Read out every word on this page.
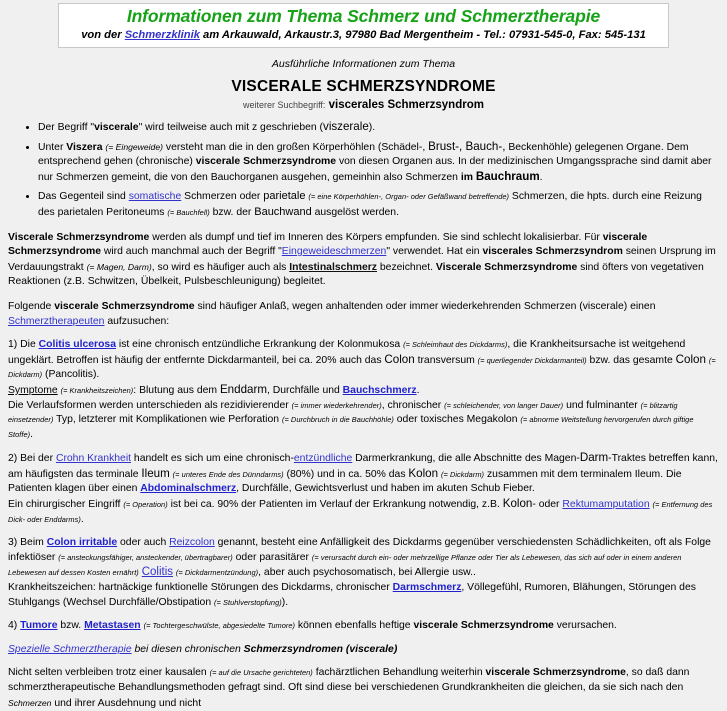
Informationen zum Thema Schmerz und Schmerztherapie
von der Schmerzklinik am Arkauwald, Arkaustr.3, 97980 Bad Mergentheim - Tel.: 07931-545-0, Fax: 545-131
Ausführliche Informationen zum Thema
VISCERALE SCHMERZSYNDROME
weiterer Suchbegriff: viscerales Schmerzsyndrom
• Der Begriff "viscerale" wird teilweise auch mit z geschrieben (viszerale).
• Unter Viszera (= Eingeweide) versteht man die in den großen Körperhöhlen (Schädel-, Brust-, Bauch-, Beckenhöhle) gelegenen Organe. Dem entsprechend gehen (chronische) viscerale Schmerzsyndrome von diesen Organen aus. In der medizinischen Umgangssprache sind damit aber nur Schmerzen gemeint, die von den Bauchorganen ausgehen, gemeinhin also Schmerzen im Bauchraum.
• Das Gegenteil sind somatische Schmerzen oder parietale (= eine Körperhöhlen-, Organ- oder Gefäßwand betreffende) Schmerzen, die hpts. durch eine Reizung des parietalen Peritoneums (= Bauchfell) bzw. der Bauchwand ausgelöst werden.

Viscerale Schmerzsyndrome werden als dumpf und tief im Inneren des Körpers empfunden. Sie sind schlecht lokalisierbar. Für viscerale Schmerzsyndrome wird auch manchmal auch der Begriff "Eingeweideschmerzen" verwendet. Hat ein viscerales Schmerzsyndrom seinen Ursprung im Verdauungstrakt (= Magen, Darm), so wird es häufiger auch als Intestinalschmerz bezeichnet. Viscerale Schmerzsyndrome sind öfters von vegetativen Reaktionen (z.B. Schwitzen, Übelkeit, Pulsbeschleunigung) begleitet.

Folgende viscerale Schmerzsyndrome sind häufiger Anlaß, wegen anhaltenden oder immer wiederkehrenden Schmerzen (viscerale) einen Schmerztherapeuten aufzusuchen:

1) Die Colitis ulcerosa ist eine chronisch entzündliche Erkrankung der Kolonmukosa (= Schleimhaut des Dickdarms), die Krankheitsursache ist weitgehend ungeklärt. Betroffen ist häufig der entfernte Dickdarmanteil, bei ca. 20% auch das Colon transversum (= querliegender Dickdarmanteil) bzw. das gesamte Colon (= Dickdarm) (Pancolitis).

Symptome (= Krankheitszeichen): Blutung aus dem Enddarm, Durchfälle und Bauchschmerz.

Die Verlaufsformen werden unterschieden als rezidivierender (= immer wiederkehrender), chronischer (= schleichender, von langer Dauer) und fulminanter (= blitzartig einsetzender) Typ, letzterer mit Komplikationen wie Perforation (= Durchbruch in die Bauchhöhle) oder toxisches Megakolon (= abnorme Weitstellung hervorgerufen durch giftige Stoffe).

2) Bei der Crohn Krankheit handelt es sich um eine chronisch-entzündliche Darmerkrankung, die alle Abschnitte des Magen-Darm-Traktes betreffen kann, am häufigsten das terminale Ileum (= unteres Ende des Dünndarms) (80%) und in ca. 50% das Kolon (= Dickdarm) zusammen mit dem terminalem Ileum. Die Patienten klagen über einen Abdominalschmerz, Durchfälle, Gewichtsverlust und haben im akuten Schub Fieber.

Ein chirurgischer Eingriff (= Operation) ist bei ca. 90% der Patienten im Verlauf der Erkrankung notwendig, z.B. Kolon- oder Rektumamputation (= Entfernung des Dick- oder Enddarms).

3) Beim Colon irritable oder auch Reizcolon genannt, besteht eine Anfälligkeit des Dickdarms gegenüber verschiedensten Schädlichkeiten, oft als Folge infektiöser (= ansteckungsfähiger, ansteckender, übertragbarer) oder parasitärer (= verursacht durch ein- oder mehrzellige Pflanze oder Tier als Lebewesen, das sich auf oder in einem anderen Lebewesen auf dessen Kosten ernährt) Colitis (= Dickdarmentzündung), aber auch psychosomatisch, bei Allergie usw..

Krankheitszeichen: hartnäckige funktionelle Störungen des Dickdarms, chronischer Darmschmerz, Völlegefühl, Rumoren, Blähungen, Störungen des Stuhlgangs (Wechsel Durchfälle/Obstipation (= Stuhlverstopfung)).

4) Tumore bzw. Metastasen (= Tochtergeschwülste, abgesiedelte Tumore) können ebenfalls heftige viscerale Schmerzsyndrome verursachen.

Spezielle Schmerztherapie bei diesen chronischen Schmerzsyndromen (viscerale)

Nicht selten verbleiben trotz einer kausalen (= auf die Ursache gerichteten) fachärztlichen Behandlung weiterhin viscerale Schmerzsyndrome, so daß dann schmerztherapeutische Behandlungsmethoden gefragt sind. Oft sind diese bei verschiedenen Grundkrankheiten die gleichen, da sie sich nach den Schmerzen und ihrer Ausdehnung und nicht
